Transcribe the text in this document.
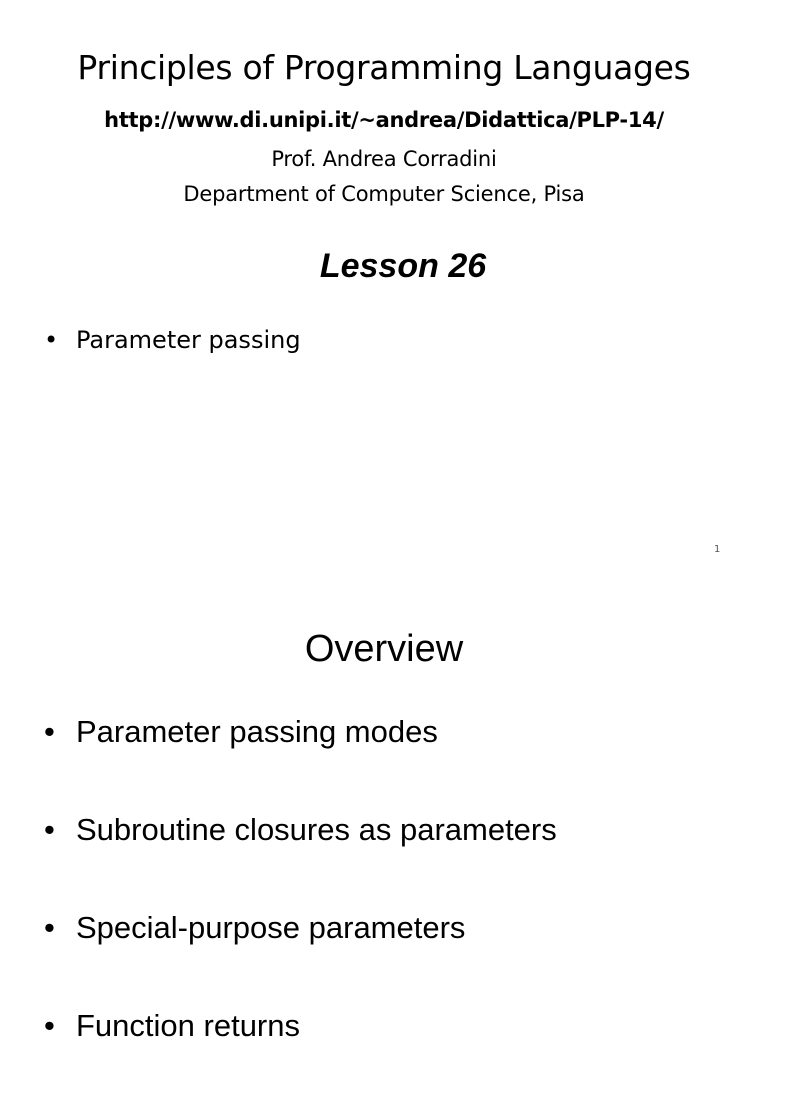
Principles of Programming Languages
http://www.di.unipi.it/~andrea/Didattica/PLP-14/
Prof. Andrea Corradini
Department of Computer Science, Pisa
Lesson 26
• Parameter passing
1
Overview
• Parameter passing modes
• Subroutine closures as parameters
• Special-purpose parameters
• Function returns
